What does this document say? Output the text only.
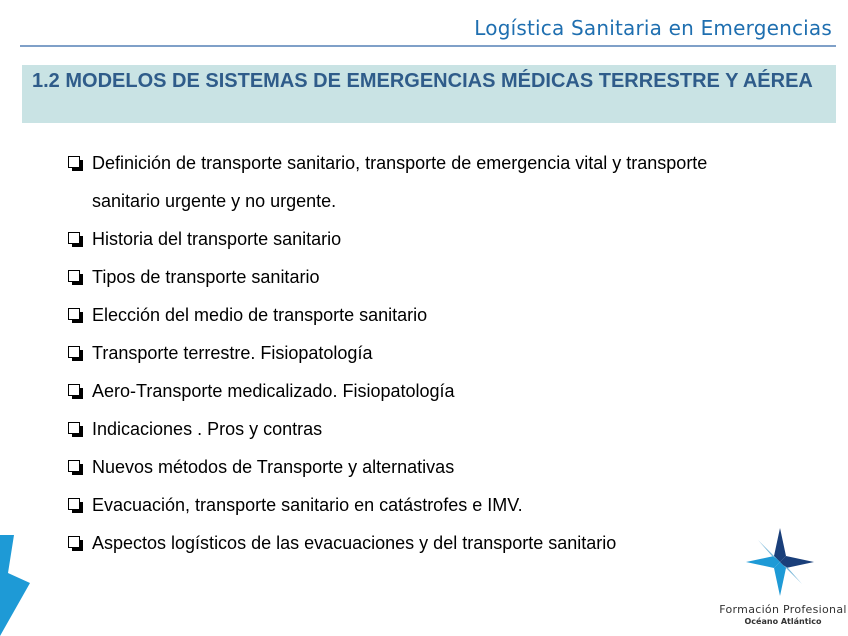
Logística Sanitaria en Emergencias
1.2 MODELOS DE SISTEMAS DE EMERGENCIAS MÉDICAS TERRESTRE Y AÉREA
Definición de transporte sanitario, transporte de emergencia vital y transporte sanitario urgente y no urgente.
Historia del transporte sanitario
Tipos de transporte sanitario
Elección del medio de transporte sanitario
Transporte terrestre. Fisiopatología
Aero-Transporte medicalizado. Fisiopatología
Indicaciones . Pros y contras
Nuevos métodos de Transporte y alternativas
Evacuación, transporte sanitario en catástrofes e IMV.
Aspectos logísticos de las evacuaciones y del transporte sanitario
Formación Profesional
Océano Atlántico
